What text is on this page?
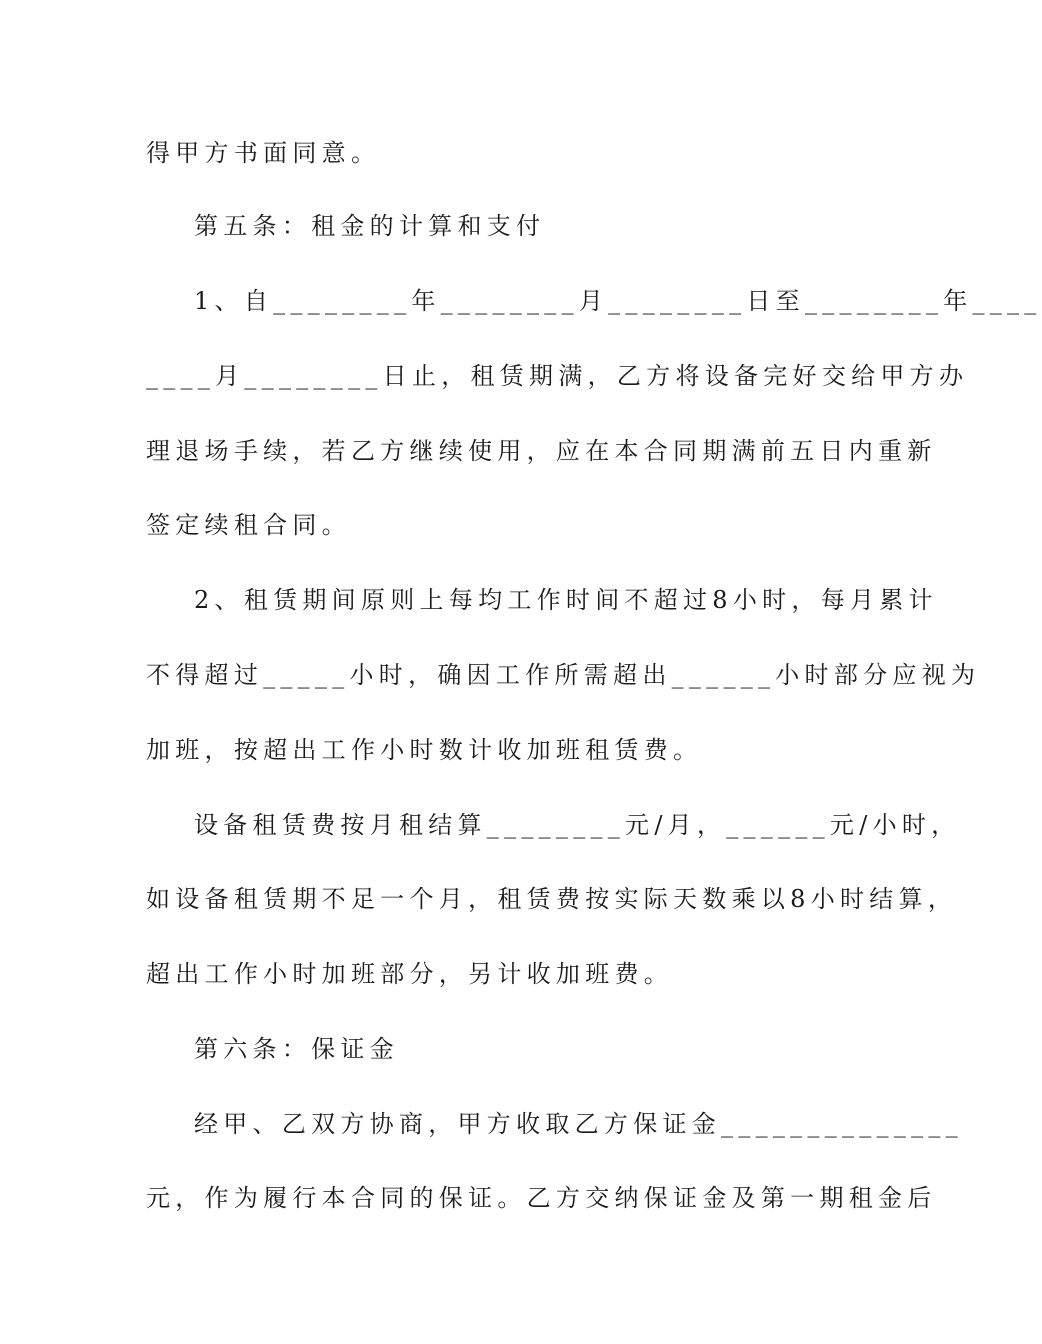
得甲方书面同意。
第五条：租金的计算和支付
1、自________年________月________日至________年____
____月________日止，租赁期满，乙方将设备完好交给甲方办
理退场手续，若乙方继续使用，应在本合同期满前五日内重新
签定续租合同。
2、租赁期间原则上每均工作时间不超过8小时，每月累计
不得超过_____小时，确因工作所需超出______小时部分应视为
加班，按超出工作小时数计收加班租赁费。
设备租赁费按月租结算________元/月，______元/小时，
如设备租赁期不足一个月，租赁费按实际天数乘以8小时结算，
超出工作小时加班部分，另计收加班费。
第六条：保证金
经甲、乙双方协商，甲方收取乙方保证金______________
元，作为履行本合同的保证。乙方交纳保证金及第一期租金后
